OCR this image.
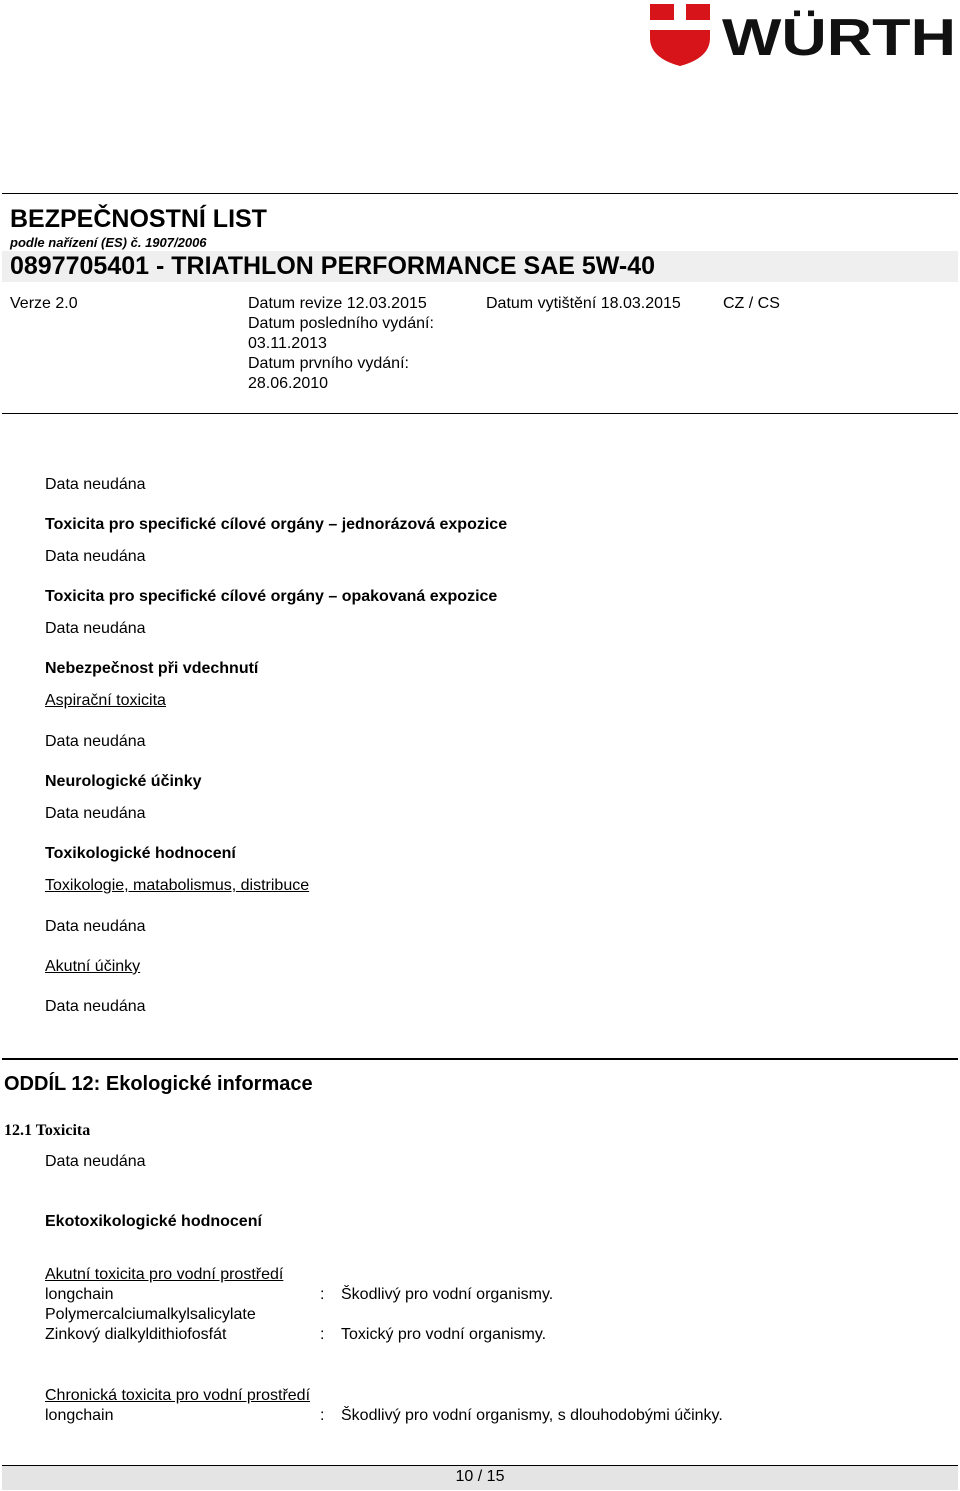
WÜRTH
BEZPEČNOSTNÍ LIST
podle nařízení (ES) č. 1907/2006
0897705401 - TRIATHLON PERFORMANCE SAE 5W-40
Verze 2.0	Datum revize 12.03.2015
Datum posledního vydání:
03.11.2013
Datum prvního vydání:
28.06.2010
Datum vytištění 18.03.2015	CZ / CS
Data neudána
Toxicita pro specifické cílové orgány – jednorázová expozice
Data neudána
Toxicita pro specifické cílové orgány – opakovaná expozice
Data neudána
Nebezpečnost při vdechnutí
Aspirační toxicita
Data neudána
Neurologické účinky
Data neudána
Toxikologické hodnocení
Toxikologie, matabolismus, distribuce
Data neudána
Akutní účinky
Data neudána
ODDÍL 12: Ekologické informace
12.1 Toxicita
Data neudána
Ekotoxikologické hodnocení
Akutní toxicita pro vodní prostředí
longchain	: Škodlivý pro vodní organismy.
Polymercalciumalkylsalicylate
Zinkový dialkyldithiofosfát	: Toxický pro vodní organismy.
Chronická toxicita pro vodní prostředí
longchain	: Škodlivý pro vodní organismy, s dlouhodobými účinky.
10 / 15
